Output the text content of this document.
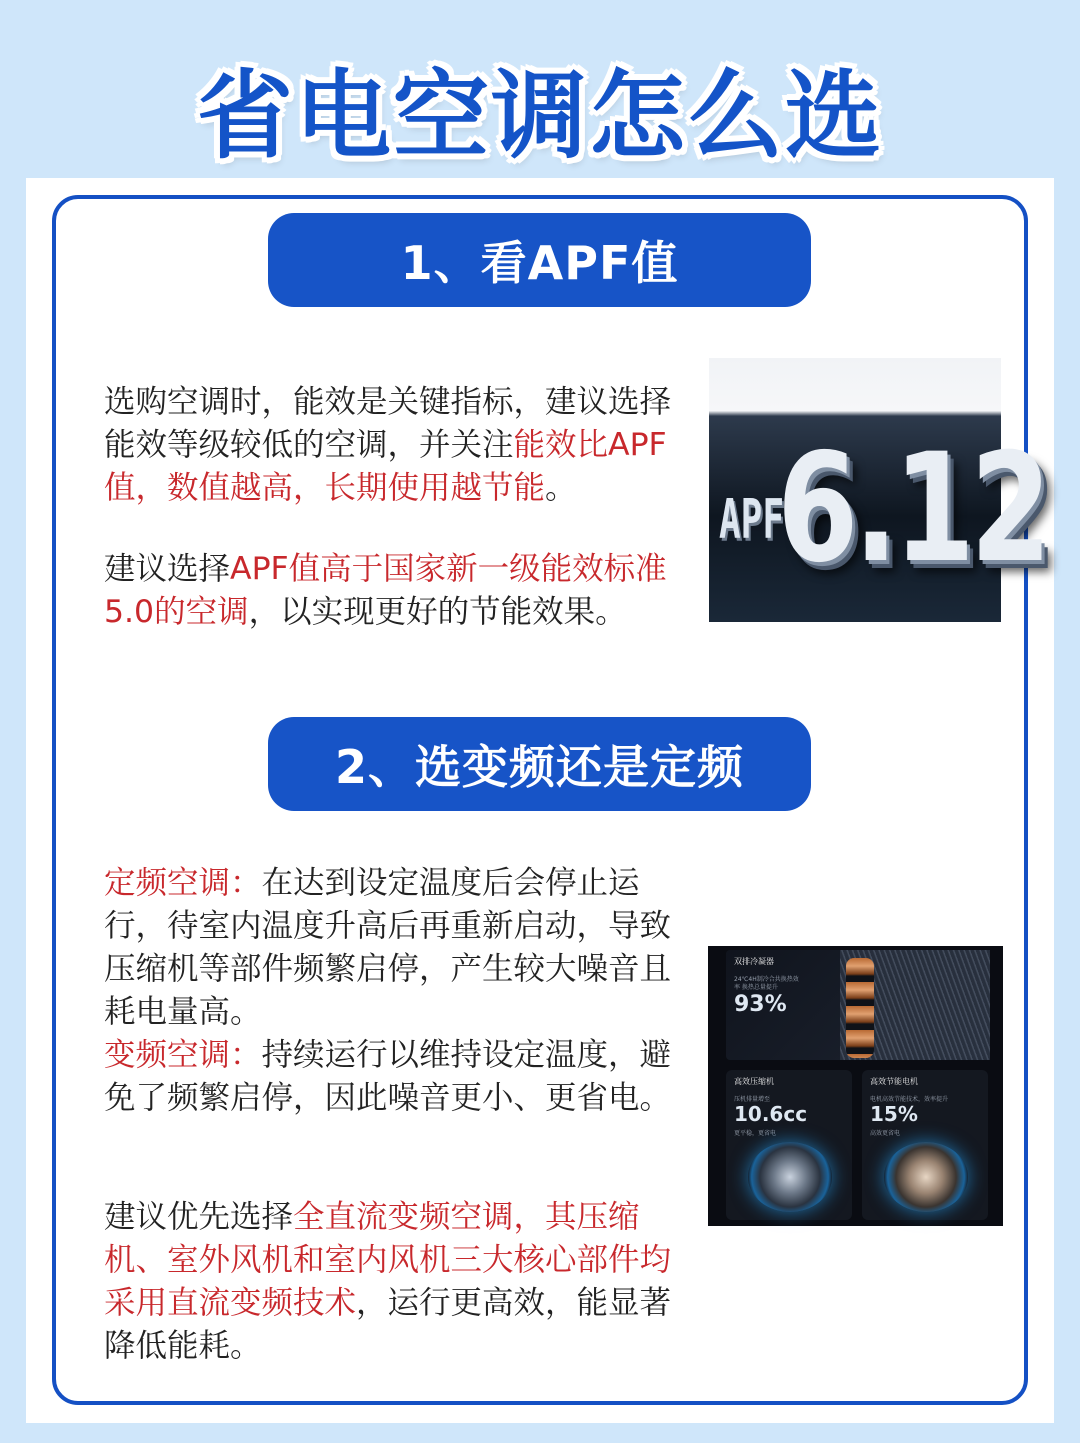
省电空调怎么选
1、看APF值
选购空调时，能效是关键指标，建议选择能效等级较低的空调，并关注能效比APF值，数值越高，长期使用越节能。
建议选择APF值高于国家新一级能效标准5.0的空调，以实现更好的节能效果。
APF
6.12
2、选变频还是定频
定频空调：在达到设定温度后会停止运行，待室内温度升高后再重新启动，导致压缩机等部件频繁启停，产生较大噪音且耗电量高。
变频空调：持续运行以维持设定温度，避免了频繁启停，因此噪音更小、更省电。
建议优先选择全直流变频空调，其压缩机、室外风机和室内风机三大核心部件均采用直流变频技术，运行更高效，能显著降低能耗。
双排冷凝器
24℃4H制冷合共换热效率 换热总量提升
93%
高效压缩机
压机排量增至
10.6cc
更平稳，更省电
高效节能电机
电机高效节能技术，效率提升
15%
高效更省电
